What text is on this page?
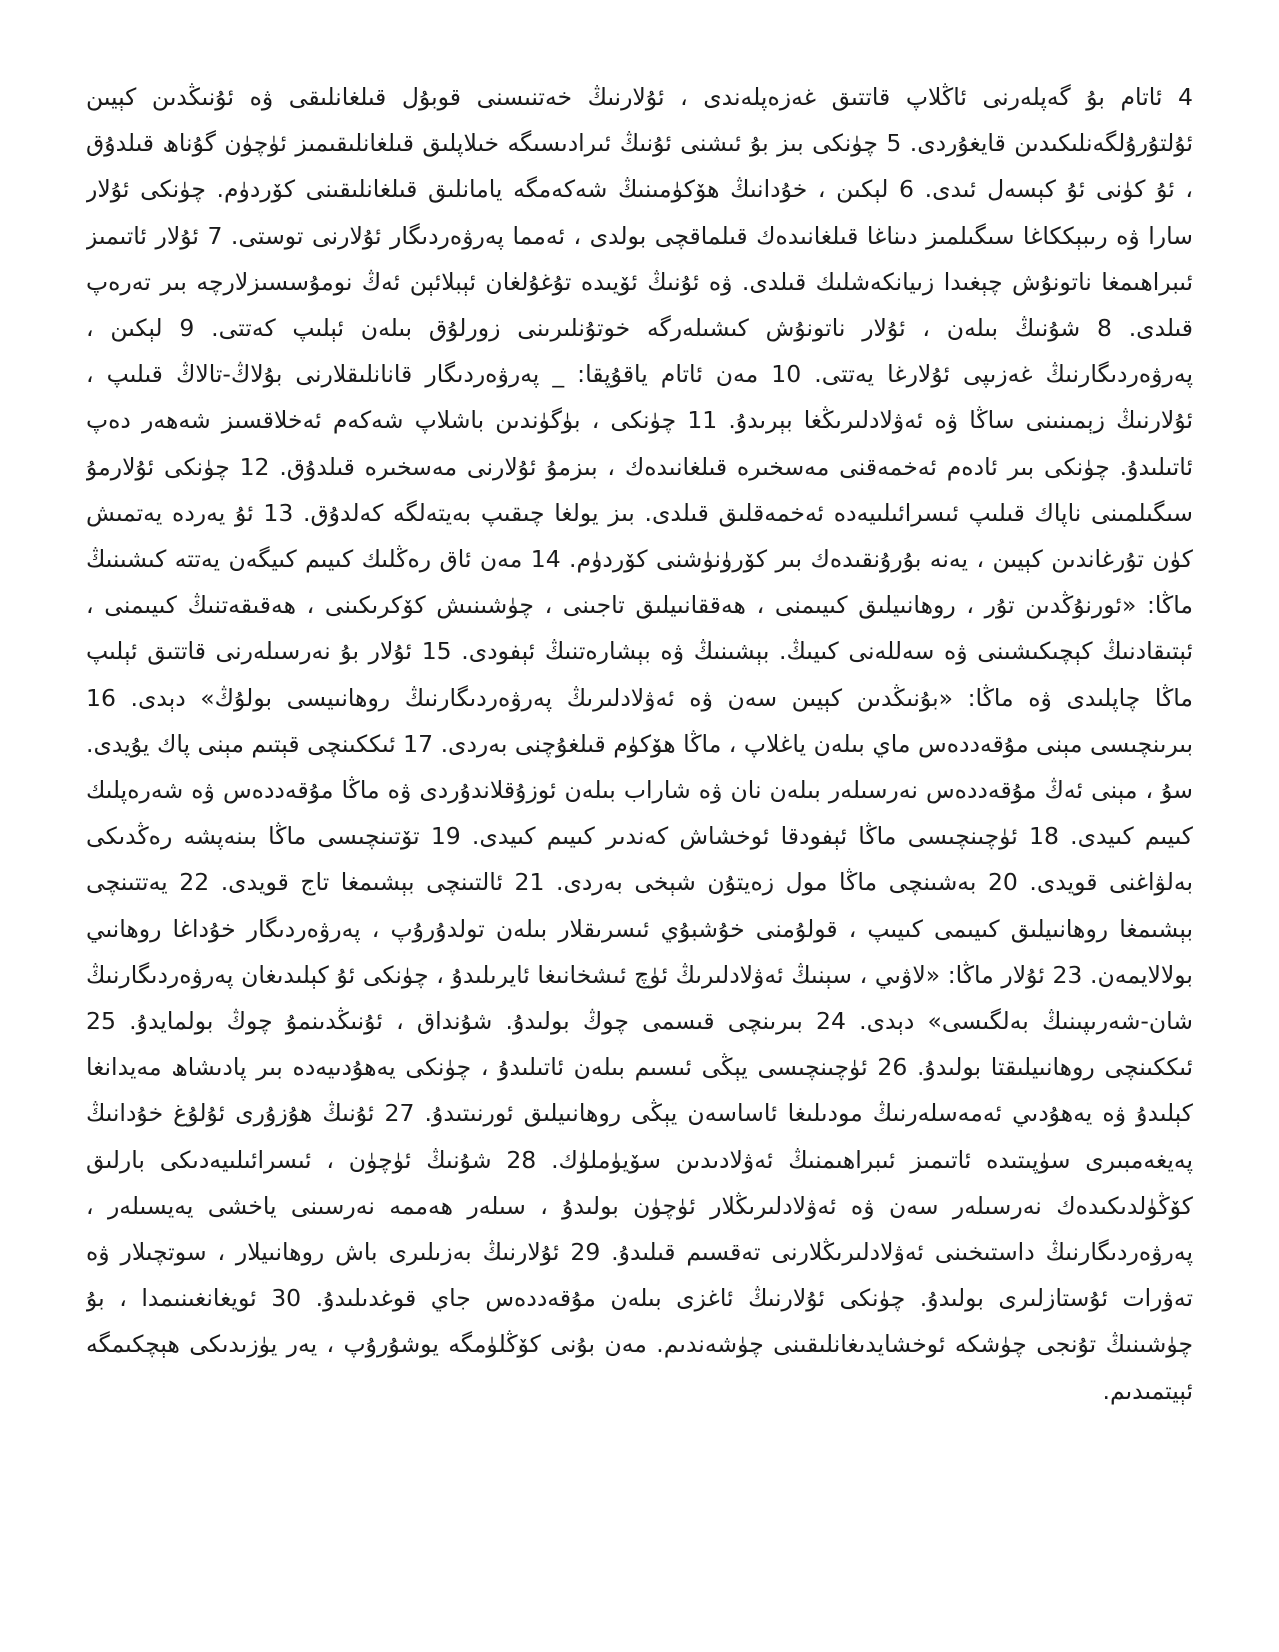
4 ئاتام بۇ گەپلەرنى ئاڭلاپ قاتتىق غەزەپلەندى ، ئۇلارنىڭ خەتنىسنى قوبۇل قىلغانلىقى ۋە ئۇنىڭدىن كېيىن ئۇلتۇرۇلگەنلىكىدىن قايغۇردى. 5 چۈنكى بىز بۇ ئىشنى ئۇنىڭ ئىرادىسىگە خىلاپلىق قىلغانلىقىمىز ئۈچۈن گۇناھ قىلدۇق ، ئۇ كۈنى ئۇ كېسەل ئىدى. 6 لېكىن ، خۇدانىڭ ھۆكۈمىنىڭ شەكەمگە يامانلىق قىلغانلىقىنى كۆردۈم. چۈنكى ئۇلار سارا ۋە رىبېككاغا سىگىلمىز دىناغا قىلغانىدەك قىلماقچى بولدى ، ئەمما پەرۋەردىگار ئۇلارنى توستى. 7 ئۇلار ئاتىمىز ئىبراھىمغا ناتونۇش چېغىدا زىيانكەشلىك قىلدى. ۋە ئۇنىڭ ئۆيىدە تۇغۇلغان ئېبلائېن ئەڭ نومۇسسىزلارچە بىر تەرەپ قىلدى. 8 شۇنىڭ بىلەن ، ئۇلار ناتونۇش كىشىلەرگە خوتۇنلىرىنى زورلۇق بىلەن ئېلىپ كەتتى. 9 لېكىن ، پەرۋەردىگارنىڭ غەزىپى ئۇلارغا يەتتى. 10 مەن ئاتام ياقۇپقا: _ پەرۋەردىگار قانانلىقلارنى بۇلاڭ-تالاڭ قىلىپ ، ئۇلارنىڭ زېمىنىنى ساڭا ۋە ئەۋلادلىرىڭغا بېرىدۇ. 11 چۈنكى ، بۈگۈندىن باشلاپ شەكەم ئەخلاقسىز شەھەر دەپ ئاتىلىدۇ. چۈنكى بىر ئادەم ئەخمەقنى مەسخىرە قىلغانىدەك ، بىزمۇ ئۇلارنى مەسخىرە قىلدۇق. 12 چۈنكى ئۇلارمۇ سىگىلمىنى ناپاك قىلىپ ئىسرائىلىيەدە ئەخمەقلىق قىلدى. بىز يولغا چىقىپ بەيتەلگە كەلدۇق. 13 ئۇ يەردە يەتمىش كۈن تۇرغاندىن كېيىن ، يەنە بۇرۇنقىدەك بىر كۆرۈنۈشنى كۆردۈم. 14 مەن ئاق رەڭلىك كىيىم كىيگەن يەتتە كىشىنىڭ ماڭا: «ئورنۇڭدىن تۇر ، روھانىيلىق كىيىمنى ، ھەققانىيلىق تاجىنى ، چۈشىنىش كۆكرىكىنى ، ھەقىقەتنىڭ كىيىمنى ، ئېتىقادنىڭ كېچىكىشىنى ۋە سەللەنى كىيىڭ. بېشىنىڭ ۋە بېشارەتنىڭ ئېفودى. 15 ئۇلار بۇ نەرسىلەرنى قاتتىق ئېلىپ ماڭا چاپلىدى ۋە ماڭا: «بۇنىڭدىن كېيىن سەن ۋە ئەۋلادلىرىڭ پەرۋەردىگارنىڭ روھانىيسى بولۇڭ» دېدى. 16 بىرىنچىسى مېنى مۇقەددەس ماي بىلەن ياغلاپ ، ماڭا ھۆكۈم قىلغۇچنى بەردى. 17 ئىككىنچى قېتىم مېنى پاك يۇيدى. سۇ ، مېنى ئەڭ مۇقەددەس نەرسىلەر بىلەن نان ۋە شاراب بىلەن ئوزۇقلاندۇردى ۋە ماڭا مۇقەددەس ۋە شەرەپلىك كىيىم كىيدى. 18 ئۈچىنچىسى ماڭا ئېفودقا ئوخشاش كەندىر كىيىم كىيدى. 19 تۆتىنچىسى ماڭا بىنەپشە رەڭدىكى بەلۋاغنى قويدى. 20 بەشىنچى ماڭا مول زەيتۇن شېخى بەردى. 21 ئالتىنچى بېشىمغا تاج قويدى. 22 يەتتىنچى بېشىمغا روھانىيلىق كىيىمى كىيىپ ، قولۇمنى خۇشبۇي ئىسرىقلار بىلەن تولدۇرۇپ ، پەرۋەردىگار خۇداغا روھانىي بولالايمەن. 23 ئۇلار ماڭا: «لاۋىي ، سېنىڭ ئەۋلادلىرىڭ ئۈچ ئىشخانىغا ئايرىلىدۇ ، چۈنكى ئۇ كېلىدىغان پەرۋەردىگارنىڭ شان-شەرىپىنىڭ بەلگىسى» دېدى. 24 بىرىنچى قىسمى چوڭ بولىدۇ. شۇنداق ، ئۇنىڭدىنمۇ چوڭ بولمايدۇ. 25 ئىككىنچى روھانىيلىقتا بولىدۇ. 26 ئۈچىنچىسى يېڭى ئىسىم بىلەن ئاتىلىدۇ ، چۈنكى يەھۇدىيەدە بىر پادىشاھ مەيدانغا كېلىدۇ ۋە يەھۇدىي ئەمەسلەرنىڭ مودىلىغا ئاساسەن يېڭى روھانىيلىق ئورنىتىدۇ. 27 ئۇنىڭ ھۇزۇرى ئۇلۇغ خۇدانىڭ پەيغەمبىرى سۈپىتىدە ئاتىمىز ئىبراھىمنىڭ ئەۋلادىدىن سۆيۈملۈك. 28 شۇنىڭ ئۈچۈن ، ئىسرائىلىيەدىكى بارلىق كۆڭۈلدىكىدەك نەرسىلەر سەن ۋە ئەۋلادلىرىڭلار ئۈچۈن بولىدۇ ، سىلەر ھەممە نەرسىنى ياخشى يەيسىلەر ، پەرۋەردىگارنىڭ داستىخىنى ئەۋلادلىرىڭلارنى تەقسىم قىلىدۇ. 29 ئۇلارنىڭ بەزىلىرى باش روھانىيلار ، سوتچىلار ۋە تەۋرات ئۇستازلىرى بولىدۇ. چۈنكى ئۇلارنىڭ ئاغزى بىلەن مۇقەددەس جاي قوغدىلىدۇ. 30 ئويغانغىنىمدا ، بۇ چۈشىنىڭ تۇنجى چۈشكە ئوخشايدىغانلىقىنى چۈشەندىم. مەن بۇنى كۆڭلۈمگە يوشۇرۇپ ، يەر يۈزىدىكى ھېچكىمگە ئېيتمىدىم.
